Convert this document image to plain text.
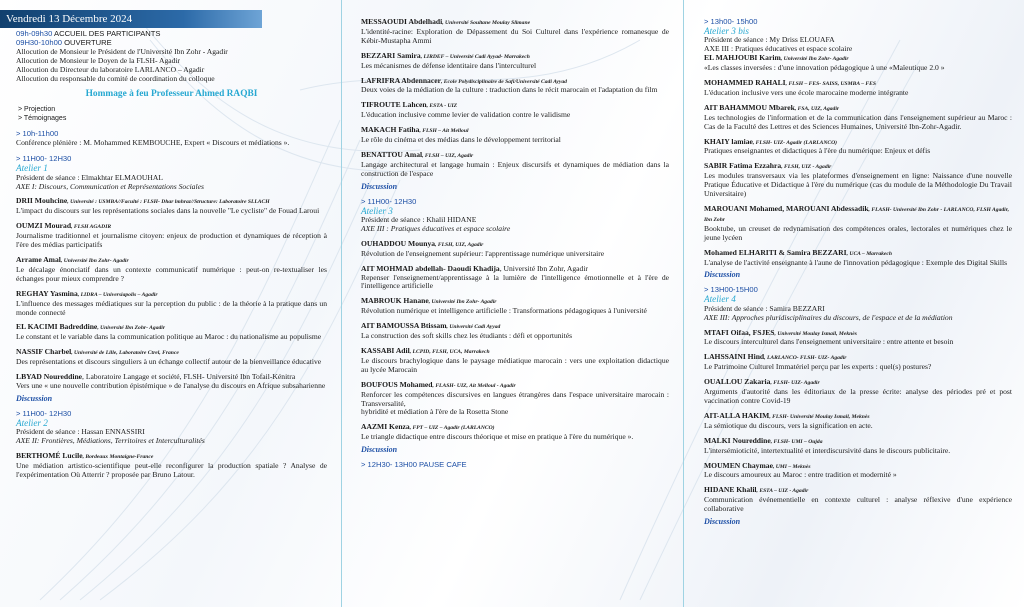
Vendredi 13 Décembre 2024

09h-09h30 ACCUEIL DES PARTICIPANTS

09H30-10h00 OUVERTURE

Allocution de Monsieur le Président de l'Université Ibn Zohr - Agadir

Allocution de Monsieur le Doyen de la FLSH- Agadir

Allocution du Directeur du laboratoire LARLANCO – Agadir

Allocution du responsable du comité de coordination du colloque

Hommage à feu Professeur Ahmed RAQBI

> Projection

> Témoignages

> 10h-11h00

Conférence plénière : M. Mohammed KEMBOUCHE, Expert « Discours et médiations ».

> 11H00- 12H30

Atelier 1

Président de séance : Elmakhtar ELMAOUHAL

AXE I: Discours, Communication et Représentations Sociales

DRII Mouhcine, Université : USMBA//Faculté : FLSH- Dhar lmhraz//Structure: Laboratoire SLLACH

L'impact du discours sur les représentations sociales dans la nouvelle "Le cycliste" de Fouad Laroui

OUMZI Mourad, FLSH AGADIR

Journalisme traditionnel et journalisme citoyen: enjeux de production et dynamiques de réception à l'ère des médias participatifs

Arrame Amal, Université Ibn Zohr- Agadir

Le décalage énonciatif dans un contexte communicatif numérique : peut-on re-textualiser les échanges pour mieux comprendre ?

REGHAY Yasmina, LIDRA – Universiapolis – Agadir

L'influence des messages médiatiques sur la perception du public : de la théorie à la pratique dans un monde connecté

EL KACIMI Badreddine, Université Ibn Zohr- Agadir

Le constant et le variable dans la communication politique au Maroc : du nationalisme au populisme

NASSIF Charbel, Université de Lille, Laboratoire Ctrel, France

Des représentations et discours singuliers à un échange collectif autour de la bienveillance éducative

LBYAD Noureddine, Laboratoire Langage et société, FLSH- Université Ibn Tofail-Kénitra

Vers une « une nouvelle contribution épistémique » de l'analyse du discours en Afrique subsaharienne

Discussion

> 11H00- 12H30

Atelier 2

Président de séance : Hassan ENNASSIRI

AXE II: Frontières, Médiations, Territoires et Interculturalités

BERTHOMÉ Lucile, Bordeaux Montaigne-France

Une médiation artistico-scientifique peut-elle reconfigurer la production spatiale ? Analyse de l'expérimentation Où Atterrir ? proposée par Bruno Latour.

MESSAOUDI Abdelhadi, Université Soultane Moulay Slimane

L'identité-racine: Exploration de Dépassement du Soi Culturel dans l'expérience romanesque de Kébir-Mustapha Ammi

BEZZARI Samira, LIRDEF – Université Cadi Ayyad- Marrakech

Les mécanismes de défense identitaire dans l'interculturel

LAFRIFRA Abdennacer, Ecole Polydisciplinaire de Safi/Université Cadi Ayyad

Deux voies de la médiation de la culture : traduction dans le récit marocain et l'adaptation du film

TIFROUTE Lahcen, ESTA - UIZ

L'éducation inclusive comme levier de validation contre le validisme

MAKACH Fatiha, FLSH – Ait Melloul

Le rôle du cinéma et des médias dans le développement territorial

BENATTOU Amal, FLSH – UIZ, Agadir

Langage architectural et langage humain : Enjeux discursifs et dynamiques de médiation dans la construction de l'espace

Discussion

> 11H00- 12H30

Atelier 3

Président de séance : Khalil HIDANE

AXE III : Pratiques éducatives et espace scolaire

OUHADDOU Mounya, FLSH, UIZ, Agadir

Révolution de l'enseignement supérieur: l'apprentissage numérique universitaire

AIT MOHMAD abdellah- Daoudi Khadija, Université Ibn Zohr, Agadir

Repenser l'enseignement/apprentissage à la lumière de l'intelligence émotionnelle et à l'ère de l'intelligence artificielle

MABROUK Hanane, Université Ibn Zohr- Agadir

Révolution numérique et intelligence artificielle : Transformations pédagogiques à l'université

AIT BAMOUSSA Btissam, Université Cadi Ayyad

La construction des soft skills chez les étudiants : défi et opportunités

KASSABI Adil, LCPID, FLSH, UCA, Marrakech

Le discours brachylogique dans le paysage médiatique marocain : vers une exploitation didactique au lycée Marocain

BOUFOUS Mohamed, FLASH- UIZ, Ait Melloul - Agadir

Renforcer les compétences discursives en langues étrangères dans l'espace universitaire marocain : Transversalité,
hybridité et médiation à l'ère de la Rosetta Stone

AAZMI Kenza, FPT – UIZ – Agadir (LARLANCO)

Le triangle didactique entre discours théorique et mise en pratique à l'ère du numérique ».

Discussion

> 12H30- 13H00 PAUSE CAFE

> 13h00- 15h00

Atelier 3 bis

Président de séance : My Driss ELOUAFA

AXE III : Pratiques éducatives et espace scolaire

EL MAHJOUBI Karim, Université Ibn Zohr- Agadir

«Les classes inversées : d'une innovation pédagogique à une «Maïeutique 2.0 »

MOHAMMED RAHALI, FLSH – FES- SAISS, USMBA – FES

L'éducation inclusive vers une école marocaine moderne intégrante

AIT BAHAMMOU Mbarek, FSA, UIZ, Agadir

Les technologies de l'information et de la communication dans l'enseignement supérieur au Maroc : Cas de la Faculté des Lettres et des Sciences Humaines, Université Ibn-Zohr-Agadir.

KHAIY lamiae, FLSH- UIZ- Agadir (LARLANCO)

Pratiques enseignantes et didactiques à l'ère du numérique: Enjeux et défis

SABIR Fatima Ezzahra, FLSH, UIZ - Agadir

Les modules transversaux via les plateformes d'enseignement en ligne: Naissance d'une nouvelle Pratique Éducative et Didactique à l'ère du numérique (cas du module de la Méthodologie Du Travail Universitaire)

MAROUANI Mohamed, MAROUANI Abdessadik, FLASH- Université Ibn Zohr - LARLANCO, FLSH Agadir, Ibn Zohr

Booktube, un creuset de redynamisation des compétences orales, lectorales et numériques chez le jeune lycéen

Mohamed ELHARITI & Samira BEZZARI, UCA – Marrakech

L'analyse de l'activité enseignante à l'aune de l'innovation pédagogique : Exemple des Digital Skills

Discussion

> 13H00-15H00

Atelier 4

Président de séance : Samira BEZZARI

AXE III: Approches pluridisciplinaires du discours, de l'espace et de la médiation

MTAFI Oifaa, FSJES, Université Moulay Ismail, Meknès

Le discours interculturel dans l'enseignement universitaire : entre attente et besoin

LAHSSAINI Hind, LARLANCO- FLSH- UIZ- Agadir

Le Patrimoine Culturel Immatériel perçu par les experts : quel(s) postures?

OUALLOU Zakaria, FLSH- UIZ- Agadir

Arguments d'autorité dans les éditoriaux de la presse écrite: analyse des périodes pré et post vaccination contre Covid-19

AIT-ALLA HAKIM, FLSH- Université Moulay Ismail, Meknès

La sémiotique du discours, vers la signification en acte.

MALKI Noureddine, FLSH- UMI – Oujda

L'intersémioticité, intertextualité et interdiscursivité dans le discours publicitaire.

MOUMEN Chaymae, UMI – Meknès

Le discours amoureux au Maroc : entre tradition et modernité »

HIDANE Khalil, ESTA – UIZ - Agadir

Communication événementielle en contexte culturel : analyse réflexive d'une expérience collaborative

Discussion
